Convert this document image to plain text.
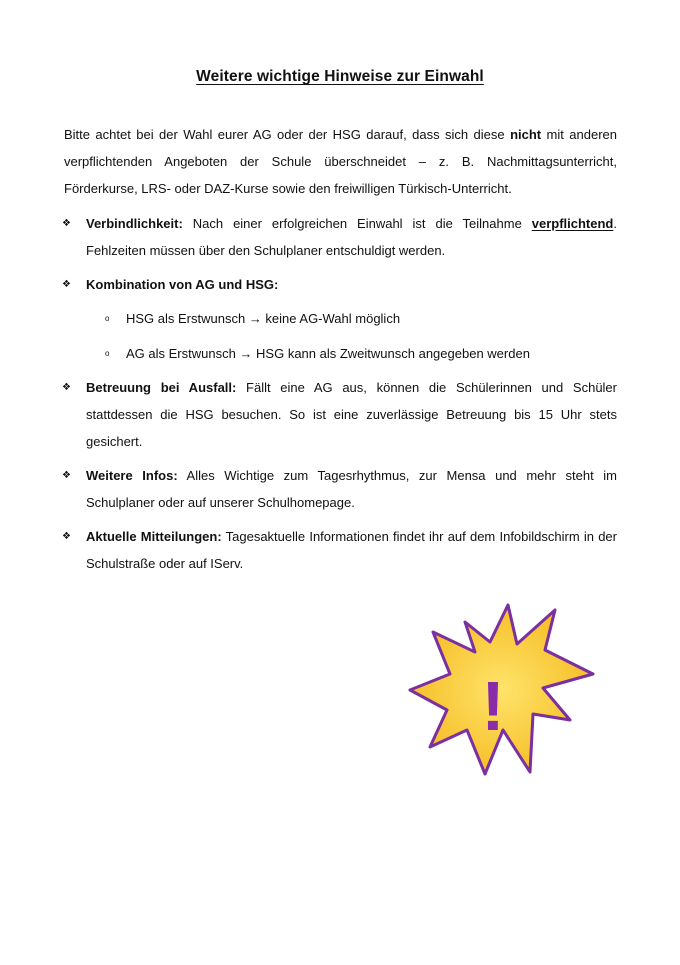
Weitere wichtige Hinweise zur Einwahl
Bitte achtet bei der Wahl eurer AG oder der HSG darauf, dass sich diese nicht mit anderen verpflichtenden Angeboten der Schule überschneidet – z. B. Nachmittagsunterricht, Förderkurse, LRS- oder DAZ-Kurse sowie den freiwilligen Türkisch-Unterricht.
❖ Verbindlichkeit: Nach einer erfolgreichen Einwahl ist die Teilnahme verpflichtend. Fehlzeiten müssen über den Schulplaner entschuldigt werden.
❖ Kombination von AG und HSG:
o HSG als Erstwunsch → keine AG-Wahl möglich
o AG als Erstwunsch → HSG kann als Zweitwunsch angegeben werden
❖ Betreuung bei Ausfall: Fällt eine AG aus, können die Schülerinnen und Schüler stattdessen die HSG besuchen. So ist eine zuverlässige Betreuung bis 15 Uhr stets gesichert.
❖ Weitere Infos: Alles Wichtige zum Tagesrhythmus, zur Mensa und mehr steht im Schulplaner oder auf unserer Schulhomepage.
❖ Aktuelle Mitteilungen: Tagesaktuelle Informationen findet ihr auf dem Infobildschirm in der Schulstraße oder auf IServ.
!
